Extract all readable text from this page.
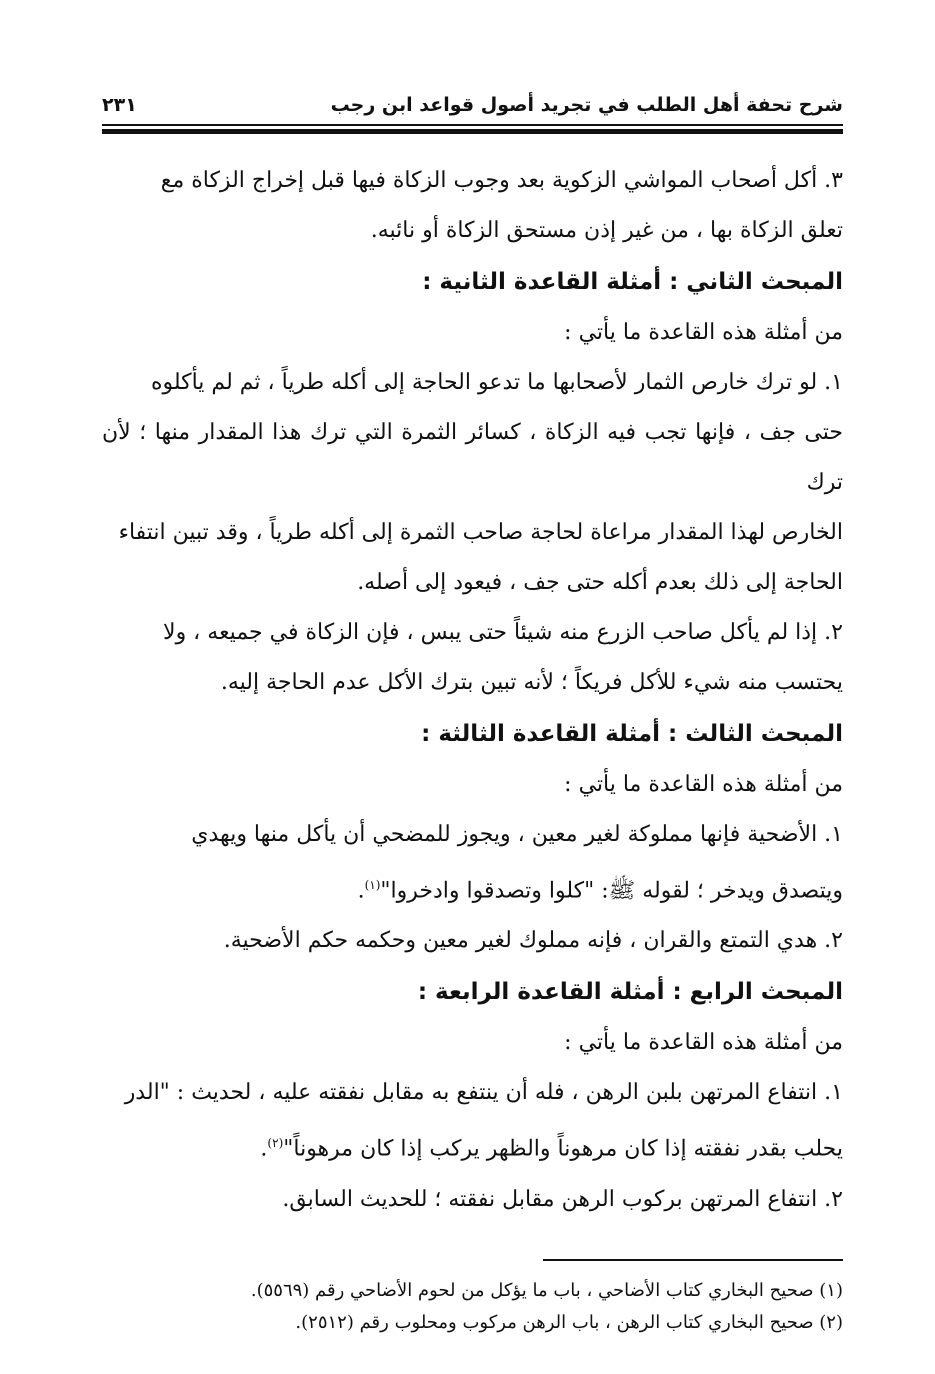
شرح تحفة أهل الطلب في تجريد أصول قواعد ابن رجب
٢٣١

٣. أكل أصحاب المواشي الزكوية بعد وجوب الزكاة فيها قبل إخراج الزكاة مع

تعلق الزكاة بها ، من غير إذن مستحق الزكاة أو نائبه.

المبحث الثاني : أمثلة القاعدة الثانية :

من أمثلة هذه القاعدة ما يأتي :

١. لو ترك خارص الثمار لأصحابها ما تدعو الحاجة إلى أكله طرياً ، ثم لم يأكلوه

حتى جف ، فإنها تجب فيه الزكاة ، كسائر الثمرة التي ترك هذا المقدار منها ؛ لأن ترك

الخارص لهذا المقدار مراعاة لحاجة صاحب الثمرة إلى أكله طرياً ، وقد تبين انتفاء

الحاجة إلى ذلك بعدم أكله حتى جف ، فيعود إلى أصله.

٢. إذا لم يأكل صاحب الزرع منه شيئاً حتى يبس ، فإن الزكاة في جميعه ، ولا

يحتسب منه شيء للأكل فريكاً ؛ لأنه تبين بترك الأكل عدم الحاجة إليه.

المبحث الثالث : أمثلة القاعدة الثالثة :

من أمثلة هذه القاعدة ما يأتي :

١. الأضحية فإنها مملوكة لغير معين ، ويجوز للمضحي أن يأكل منها ويهدي

ويتصدق ويدخر ؛ لقوله ﷺ: "كلوا وتصدقوا وادخروا"$^{(١)}$.

٢. هدي التمتع والقران ، فإنه مملوك لغير معين وحكمه حكم الأضحية.

المبحث الرابع : أمثلة القاعدة الرابعة :

من أمثلة هذه القاعدة ما يأتي :

١. انتفاع المرتهن بلبن الرهن ، فله أن ينتفع به مقابل نفقته عليه ، لحديث : "الدر

يحلب بقدر نفقته إذا كان مرهوناً والظهر يركب إذا كان مرهوناً"$^{(٢)}$.

٢. انتفاع المرتهن بركوب الرهن مقابل نفقته ؛ للحديث السابق.

(١) صحيح البخاري كتاب الأضاحي ، باب ما يؤكل من لحوم الأضاحي رقم (٥٥٦٩).

(٢) صحيح البخاري كتاب الرهن ، باب الرهن مركوب ومحلوب رقم (٢٥١٢).
